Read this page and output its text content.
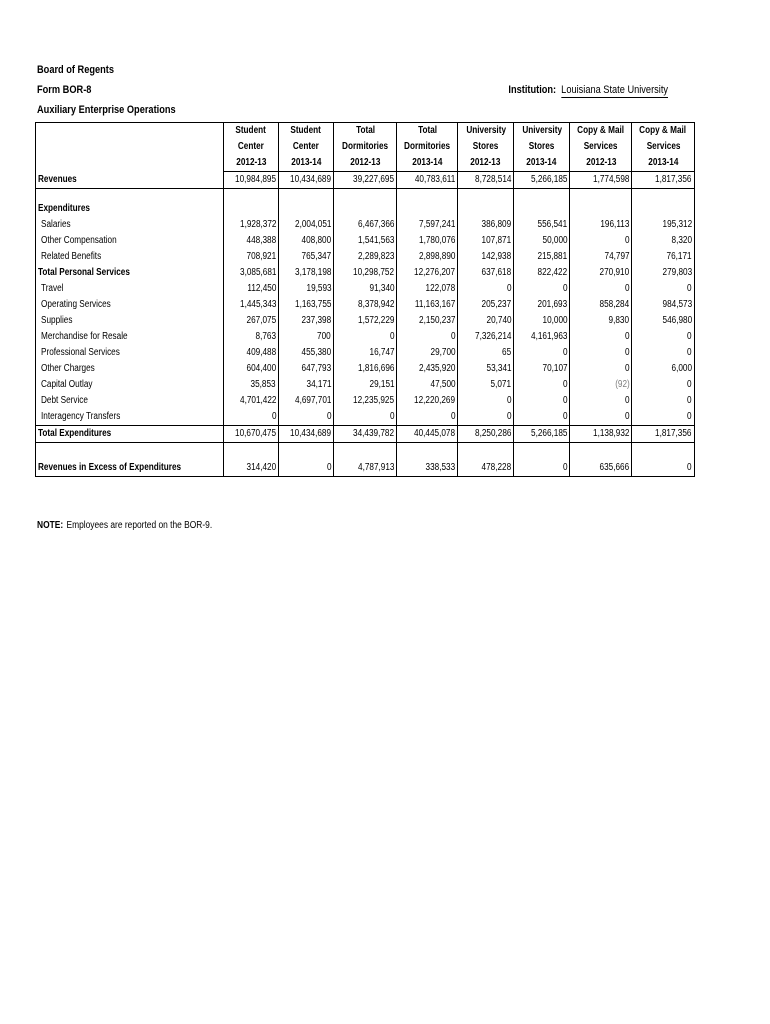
Board of Regents
Form BOR-8
Auxiliary Enterprise Operations
Institution: Louisiana State University
	Student	Student	Total	Total	University	University	Copy & Mail	Copy & Mail
	Center	Center	Dormitories	Dormitories	Stores	Stores	Services	Services
	2012-13	2013-14	2012-13	2013-14	2012-13	2013-14	2012-13	2013-14
Revenues	10,984,895	10,434,689	39,227,695	40,783,611	8,728,514	5,266,185	1,774,598	1,817,356

Expenditures								
Salaries	1,928,372	2,004,051	6,467,366	7,597,241	386,809	556,541	196,113	195,312
Other Compensation	448,388	408,800	1,541,563	1,780,076	107,871	50,000	0	8,320
Related Benefits	708,921	765,347	2,289,823	2,898,890	142,938	215,881	74,797	76,171
Total Personal Services	3,085,681	3,178,198	10,298,752	12,276,207	637,618	822,422	270,910	279,803
Travel	112,450	19,593	91,340	122,078	0	0	0	0
Operating Services	1,445,343	1,163,755	8,378,942	11,163,167	205,237	201,693	858,284	984,573
Supplies	267,075	237,398	1,572,229	2,150,237	20,740	10,000	9,830	546,980
Merchandise for Resale	8,763	700	0	0	7,326,214	4,161,963	0	0
Professional Services	409,488	455,380	16,747	29,700	65	0	0	0
Other Charges	604,400	647,793	1,816,696	2,435,920	53,341	70,107	0	6,000
Capital Outlay	35,853	34,171	29,151	47,500	5,071	0	(92)	0
Debt Service	4,701,422	4,697,701	12,235,925	12,220,269	0	0	0	0
Interagency Transfers	0	0	0	0	0	0	0	0
Total Expenditures	10,670,475	10,434,689	34,439,782	40,445,078	8,250,286	5,266,185	1,138,932	1,817,356

Revenues in Excess of Expenditures	314,420	0	4,787,913	338,533	478,228	0	635,666	0
NOTE: Employees are reported on the BOR-9.
